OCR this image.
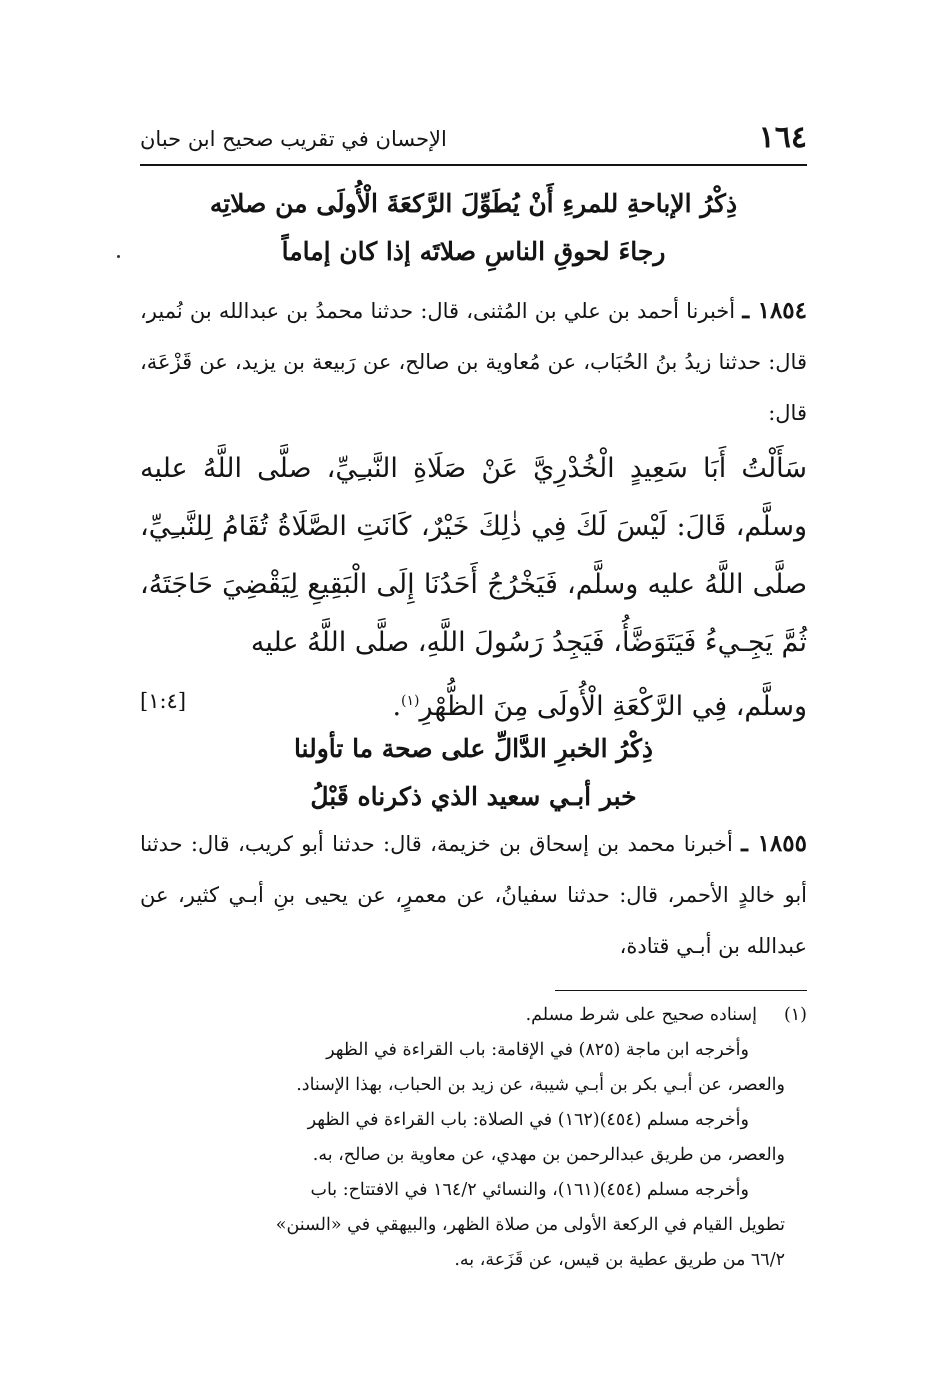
١٦٤
الإحسان في تقريب صحيح ابن حبان
ذِكْرُ الإباحةِ للمرءِ أَنْ يُطَوِّلَ الرَّكعَةَ الْأُولَى من صلاتِه
رجاءَ لحوقِ الناسِ صلاتَه إذا كان إماماً
١٨٥٤ ـ أخبرنا أحمد بن علي بن المُثنى، قال: حدثنا محمدُ بن عبدالله بن نُمير، قال: حدثنا زيدُ بنُ الحُبَاب، عن مُعاوية بن صالح، عن رَبيعة بن يزيد، عن قَزْعَة، قال:
سَأَلْتُ أَبَا سَعِيدٍ الْخُدْرِيَّ عَنْ صَلَاةِ النَّبـِيِّ، صلَّى اللَّهُ عليه وسلَّم، قَالَ: لَيْسَ لَكَ فِي ذٰلِكَ خَيْرٌ، كَانَتِ الصَّلَاةُ تُقَامُ لِلنَّبـِيِّ، صلَّى اللَّهُ عليه وسلَّم، فَيَخْرُجُ أَحَدُنَا إِلَى الْبَقِيعِ لِيَقْضِيَ حَاجَتَهُ، ثُمَّ يَجِـيءُ فَيَتَوَضَّأُ، فَيَجِدُ رَسُولَ اللَّهِ، صلَّى اللَّهُ عليه
وسلَّم، فِي الرَّكْعَةِ الْأُولَى مِنَ الظُّهْرِ$^{(١)}$.
[١:٤]
ذِكْرُ الخبرِ الدَّالِّ على صحة ما تأولنا
خبر أبـي سعيد الذي ذكرناه قَبْلُ
١٨٥٥ ـ أخبرنا محمد بن إسحاق بن خزيمة، قال: حدثنا أبو كريب، قال: حدثنا أبو خالدٍ الأحمر، قال: حدثنا سفيانُ، عن معمرٍ، عن يحيى بنِ أبـي كثير، عن عبدالله بن أبـي قتادة،
(١)إسناده صحيح على شرط مسلم.
وأخرجه ابن ماجة (٨٢٥) في الإقامة: باب القراءة في الظهر
والعصر، عن أبـي بكر بن أبـي شيبة، عن زيد بن الحباب، بهذا الإسناد.
وأخرجه مسلم (٤٥٤)(١٦٢) في الصلاة: باب القراءة في الظهر
والعصر، من طريق عبدالرحمن بن مهدي، عن معاوية بن صالح، به.
وأخرجه مسلم (٤٥٤)(١٦١)، والنسائي ١٦٤/٢ في الافتتاح: باب
تطويل القيام في الركعة الأولى من صلاة الظهر، والبيهقي في «السنن»
٦٦/٢ من طريق عطية بن قيس، عن قَزَعة، به.
